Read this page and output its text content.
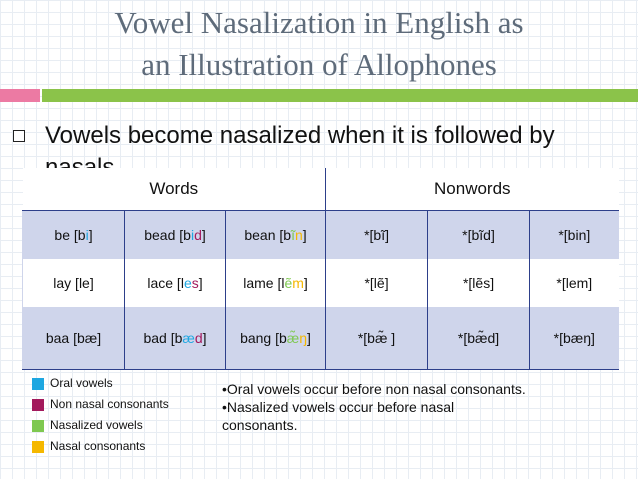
Vowel Nasalization in English as
an Illustration of Allophones
Vowels become nasalized when it is followed by
Words			Nonwords		
be [bi]	bead [bid]	bean [bĩn]	*[bĩ]	*[bĩd]	*[bin]
lay [le]	lace [les]	lame [lẽm]	*[lẽ]	*[lẽs]	*[lem]
baa [bæ]	bad [bæd]	bang [bæ̃ŋ]	*[bæ̃ ]	*[bæ̃d]	*[bæŋ]
Oral vowels
Non nasal consonants
Nasalized vowels
Nasal consonants
•Oral vowels occur before non nasal consonants.
•Nasalized vowels occur before nasal
consonants.
